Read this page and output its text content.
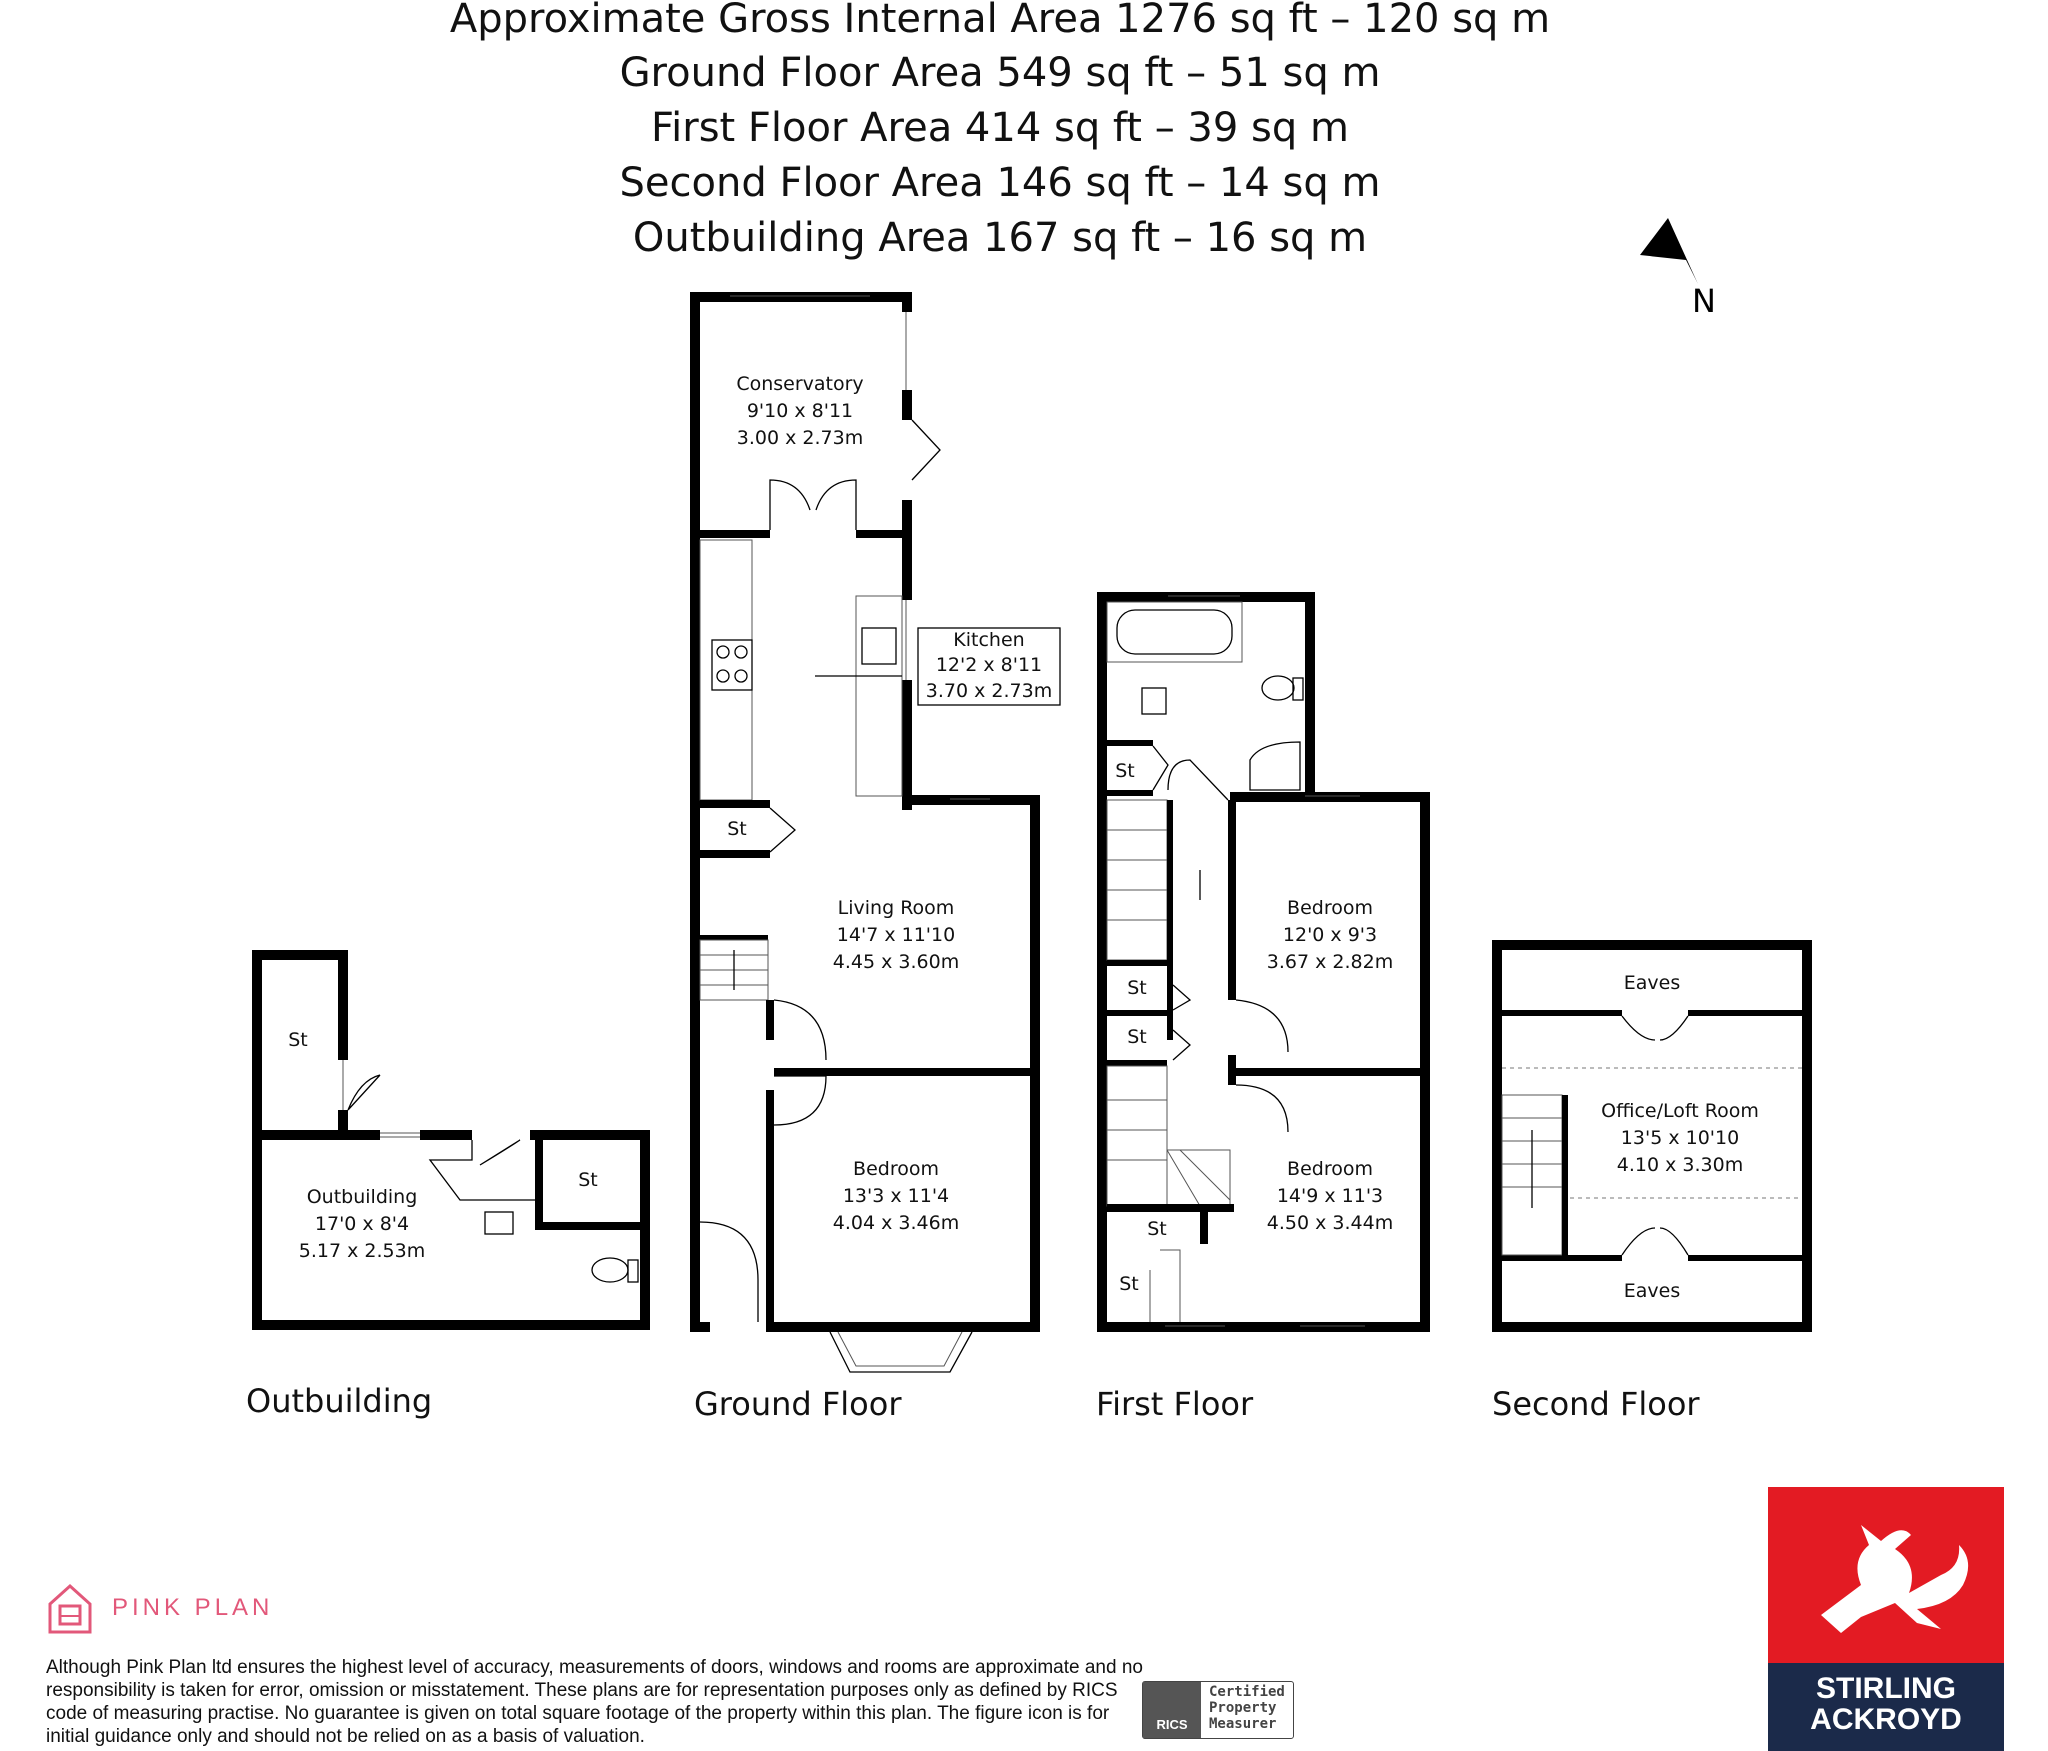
Approximate Gross Internal Area 1276 sq ft – 120 sq m
Ground Floor Area 549 sq ft – 51 sq m
First Floor Area 414 sq ft – 39 sq m
Second Floor Area 146 sq ft – 14 sq m
Outbuilding Area 167 sq ft – 16 sq m
N
St
St
Outbuilding
17'0 x 8'4
5.17 x 2.53m
Conservatory
9'10 x 8'11
3.00 x 2.73m
Kitchen
12'2 x 8'11
3.70 x 2.73m
Living Room
14'7 x 11'10
4.45 x 3.60m
St
Bedroom
13'3 x 11'4
4.04 x 3.46m
St
St
St
St
St
Bedroom
12'0 x 9'3
3.67 x 2.82m
Bedroom
14'9 x 11'3
4.50 x 3.44m
Eaves
Eaves
Office/Loft Room
13'5 x 10'10
4.10 x 3.30m
Outbuilding	Ground Floor	First Floor	Second Floor
PINK PLAN
Although Pink Plan ltd ensures the highest level of accuracy, measurements of doors, windows and rooms are approximate and no responsibility is taken for error, omission or misstatement. These plans are for representation purposes only as defined by RICS code of measuring practise. No guarantee is given on total square footage of the property within this plan. The figure icon is for initial guidance only and should not be relied on as a basis of valuation.
RICS
Certified
Property
Measurer
STIRLING
ACKROYD
